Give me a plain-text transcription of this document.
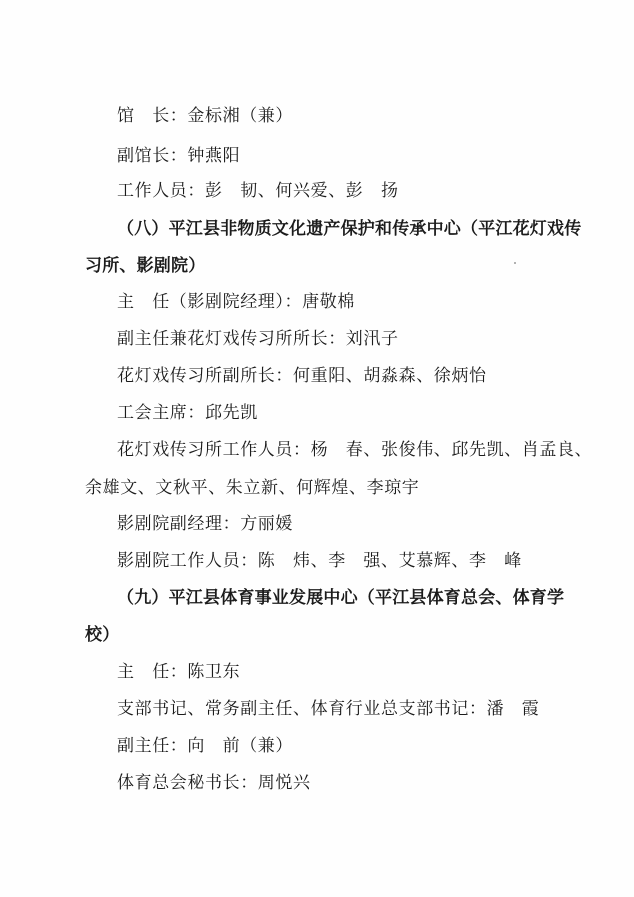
馆　长：金标湘（兼）
副馆长：钟燕阳
工作人员：彭　韧、何兴爱、彭　扬
（八）平江县非物质文化遗产保护和传承中心（平江花灯戏传
习所、影剧院）
主　任（影剧院经理）：唐敬棉
副主任兼花灯戏传习所所长：刘汛子
花灯戏传习所副所长：何重阳、胡淼森、徐炳怡
工会主席：邱先凯
花灯戏传习所工作人员：杨　春、张俊伟、邱先凯、肖孟良、
余雄文、文秋平、朱立新、何辉煌、李琼宇
影剧院副经理：方丽媛
影剧院工作人员：陈　炜、李　强、艾慕辉、李　峰
（九）平江县体育事业发展中心（平江县体育总会、体育学
校）
主　任：陈卫东
支部书记、常务副主任、体育行业总支部书记：潘　霞
副主任：向　前（兼）
体育总会秘书长：周悦兴
